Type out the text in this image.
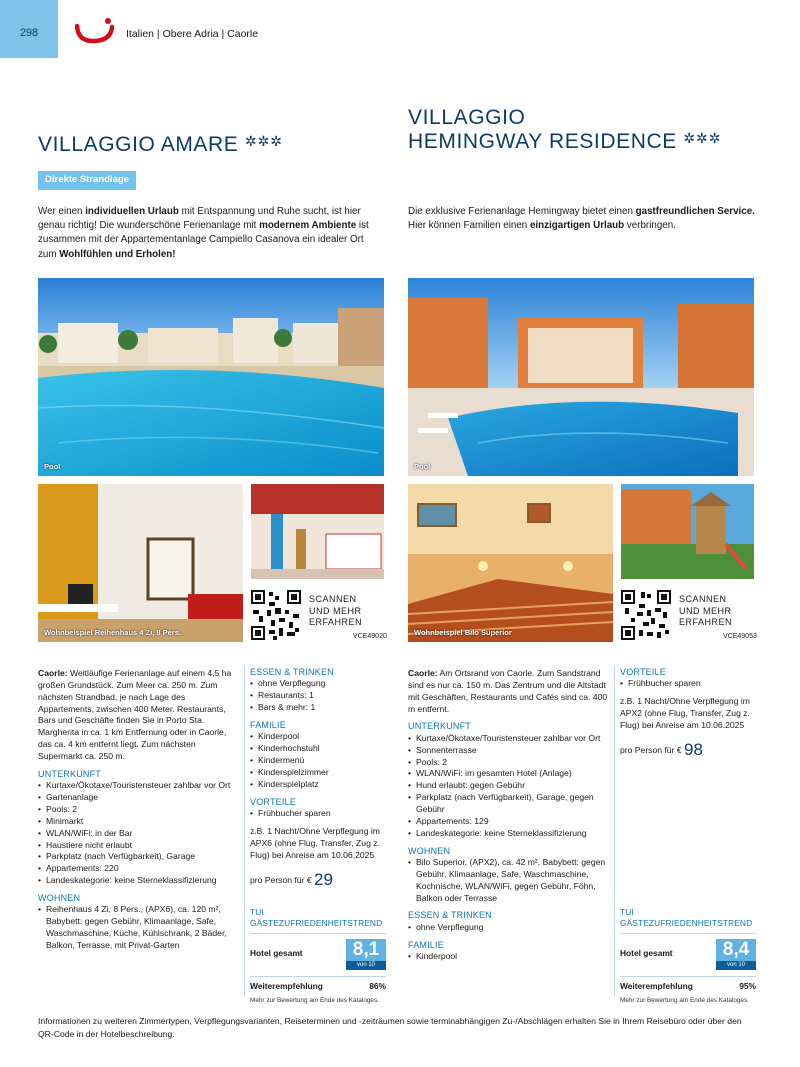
298	Italien | Obere Adria | Caorle
VILLAGGIO AMARE ✲✲✲
Direkte Strandlage
VILLAGGIO
HEMINGWAY RESIDENCE ✲✲✲
Wer einen individuellen Urlaub mit Entspannung und Ruhe sucht, ist hier genau richtig! Die wunderschöne Ferienanlage mit modernem Ambiente ist zusammen mit der Appartementanlage Campiello Casanova ein idealer Ort zum Wohlfühlen und Erholen!
Die exklusive Ferienanlage Hemingway bietet einen gastfreundlichen Service. Hier können Familien einen einzigartigen Urlaub verbringen.
Pool
Wohnbeispiel Reihenhaus 4 Zi, 8 Pers.
SCANNEN
UND MEHR
ERFAHREN
VCE49020
Pool
Wohnbeispiel Bilo Superior
SCANNEN
UND MEHR
ERFAHREN
VCE49053
Caorle: Weitläufige Ferienanlage auf einem 4,5 ha großen Grundstück. Zum Meer ca. 250 m. Zum nächsten Strandbad, je nach Lage des Appartements, zwischen 400 Meter. Restaurants, Bars und Geschäfte finden Sie in Porto Sta. Margherita in ca. 1 km Entfernung oder in Caorle, das ca. 4 km entfernt liegt. Zum nächsten Supermarkt ca. 250 m.
UNTERKUNFT
• Kurtaxe/Ökotaxe/Touristensteuer zahlbar vor Ort
• Gartenanlage
• Pools: 2
• Minimarkt
• WLAN/WiFi: in der Bar
• Haustiere nicht erlaubt
• Parkplatz (nach Verfügbarkeit), Garage
• Appartements: 220
• Landeskategorie: keine Sterneklassifizierung
WOHNEN
• Reihenhaus 4 Zi, 8 Pers., (APX6), ca. 120 m², Babybett: gegen Gebühr, Klimaanlage, Safe, Waschmaschine, Küche, Kühlschrank, 2 Bäder, Balkon, Terrasse, mit Privat-Garten
ESSEN & TRINKEN
• ohne Verpflegung
• Restaurants: 1
• Bars & mehr: 1
FAMILIE
• Kinderpool
• Kinderhochstuhl
• Kindermenü
• Kinderspielzimmer
• Kinderspielplatz
VORTEILE
• Frühbucher sparen
z.B. 1 Nacht/Ohne Verpflegung im APX6 (ohne Flug, Transfer, Zug z. Flug) bei Anreise am 10.06.2025
pro Person für € 29
TUI GÄSTEZUFRIEDENHEITSTREND
Hotel gesamt	8,1
von 10
Weiterempfehlung	86%
Mehr zur Bewertung am Ende des Kataloges.
Caorle: Am Ortsrand von Caorle. Zum Sandstrand sind es nur ca. 150 m. Das Zentrum und die Altstadt mit Geschäften, Restaurants und Cafés sind ca. 400 m entfernt.
UNTERKUNFT
• Kurtaxe/Ökotaxe/Touristensteuer zahlbar vor Ort
• Sonnenterrasse
• Pools: 2
• WLAN/WiFi: im gesamten Hotel (Anlage)
• Hund erlaubt: gegen Gebühr
• Parkplatz (nach Verfügbarkeit), Garage, gegen Gebühr
• Appartements: 129
• Landeskategorie: keine Sterneklassifizierung
WOHNEN
• Bilo Superior, (APX2), ca. 42 m², Babybett: gegen Gebühr, Klimaanlage, Safe, Waschmaschine, Kochnische, WLAN/WiFi, gegen Gebühr, Föhn, Balkon oder Terrasse
ESSEN & TRINKEN
• ohne Verpflegung
FAMILIE
• Kinderpool
VORTEILE
• Frühbucher sparen
z.B. 1 Nacht/Ohne Verpflegung im APX2 (ohne Flug, Transfer, Zug z. Flug) bei Anreise am 10.06.2025
pro Person für € 98
TUI GÄSTEZUFRIEDENHEITSTREND
Hotel gesamt	8,4
von 10
Weiterempfehlung	95%
Mehr zur Bewertung am Ende des Kataloges.
Informationen zu weiteren Zimmertypen, Verpflegungsvarianten, Reiseterminen und -zeiträumen sowie terminabhängigen Zu-/Abschlägen erhalten Sie in Ihrem Reisebüro oder über den QR-Code in der Hotelbeschreibung.
